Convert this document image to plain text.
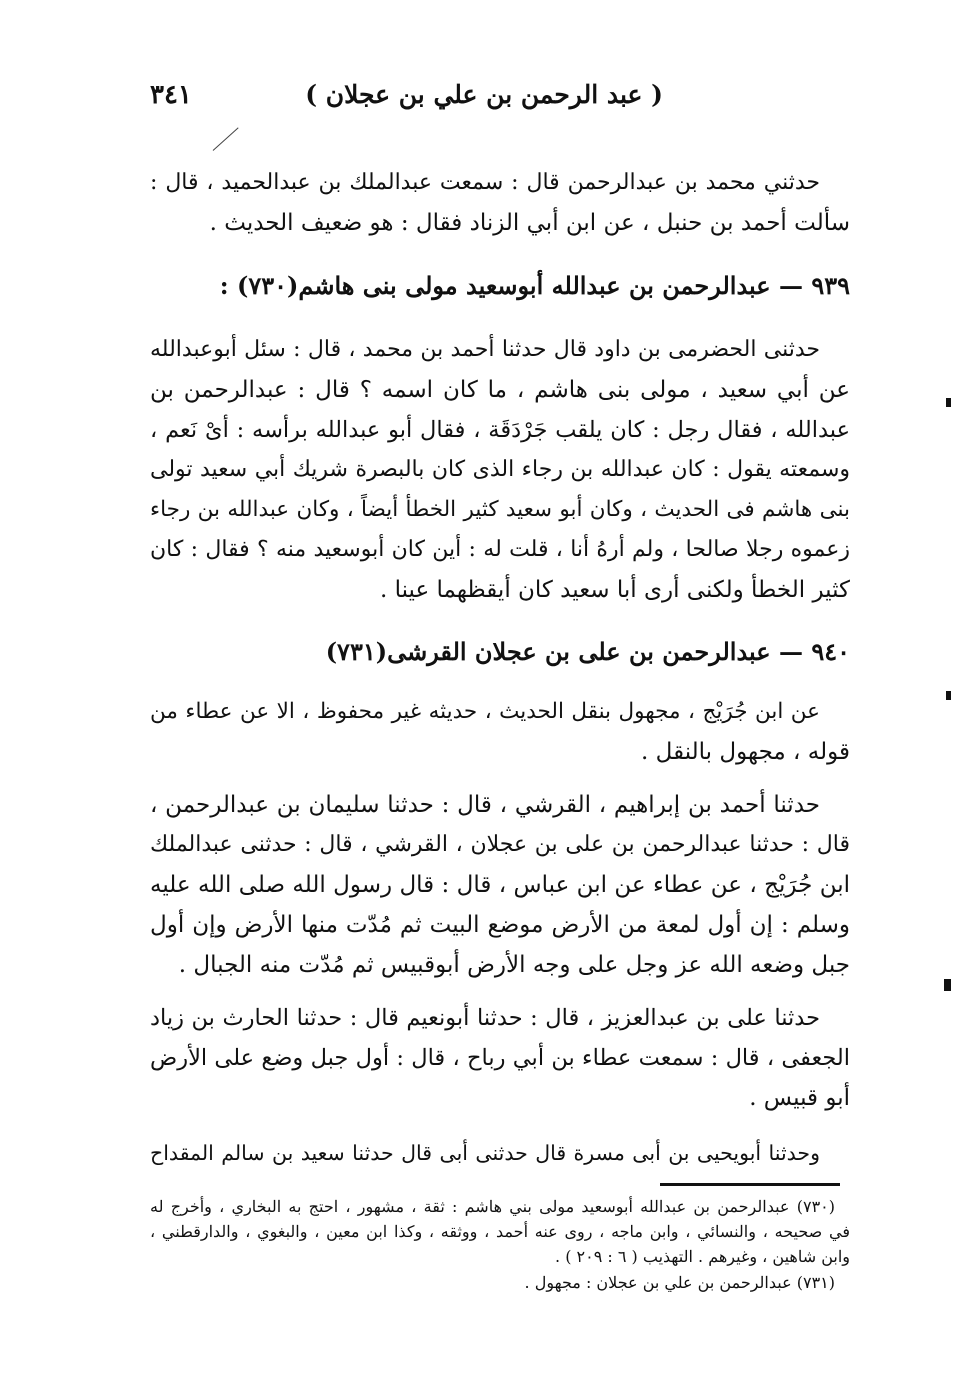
٣٤١	( عبد الرحمن بن علي بن عجلان )
حدثني محمد بن عبدالرحمن قال : سمعت عبدالملك بن عبدالحميد ، قال :
سألت أحمد بن حنبل ، عن ابن أبي الزناد فقال : هو ضعيف الحديث .
٩٣٩ — عبدالرحمن بن عبدالله أبوسعيد مولى بنى هاشم(٧٣٠) :
حدثنى الحضرمى بن داود قال حدثنا أحمد بن محمد ، قال : سئل أبوعبدالله
عن أبي سعيد ، مولى بنى هاشم ، ما كان اسمه ؟ قال : عبدالرحمن بن
عبدالله ، فقال رجل : كان يلقب جَرْدَقَة ، فقال أبو عبدالله برأسه : أىْ نَعم ،
وسمعته يقول : كان عبدالله بن رجاء الذى كان بالبصرة شريك أبي سعيد تولى
بنى هاشم فى الحديث ، وكان أبو سعيد كثير الخطأ أيضاً ، وكان عبدالله بن رجاء
زعموه رجلا صالحا ، ولم أرهُ أنا ، قلت له : أين كان أبوسعيد منه ؟ فقال : كان
كثير الخطأ ولكنى أرى أبا سعيد كان أيقظهما عينا .
٩٤٠ — عبدالرحمن بن على بن عجلان القرشى(٧٣١)
عن ابن جُرَيْج ، مجهول بنقل الحديث ، حديثه غير محفوظ ، الا عن عطاء من
قوله ، مجهول بالنقل .
حدثنا أحمد بن إبراهيم ، القرشي ، قال : حدثنا سليمان بن عبدالرحمن ،
قال : حدثنا عبدالرحمن بن على بن عجلان ، القرشي ، قال : حدثنى عبدالملك
ابن جُرَيْج ، عن عطاء عن ابن عباس ، قال : قال رسول الله صلى الله عليه
وسلم : إن أول لمعة من الأرض موضع البيت ثم مُدّت منها الأرض وإن أول
جبل وضعه الله عز وجل على وجه الأرض أبوقبيس ثم مُدّت منه الجبال .
حدثنا على بن عبدالعزيز ، قال : حدثنا أبونعيم قال : حدثنا الحارث بن زياد
الجعفى ، قال : سمعت عطاء بن أبي رباح ، قال : أول جبل وضع على الأرض
أبو قبيس .
وحدثنا أبويحيى بن أبى مسرة قال حدثنى أبى قال حدثنا سعيد بن سالم المقداح
(٧٣٠) عبدالرحمن بن عبدالله أبوسعيد مولى بني هاشم : ثقة ، مشهور ، احتج به البخاري ، وأخرج له
في صحيحه ، والنسائي ، وابن ماجه ، روى عنه أحمد ، ووثقه ، وكذا ابن معين ، والبغوي ، والدارقطني ،
وابن شاهين ، وغيرهم . التهذيب ( ٦ : ٢٠٩ ) .
(٧٣١) عبدالرحمن بن علي بن عجلان : مجهول .
